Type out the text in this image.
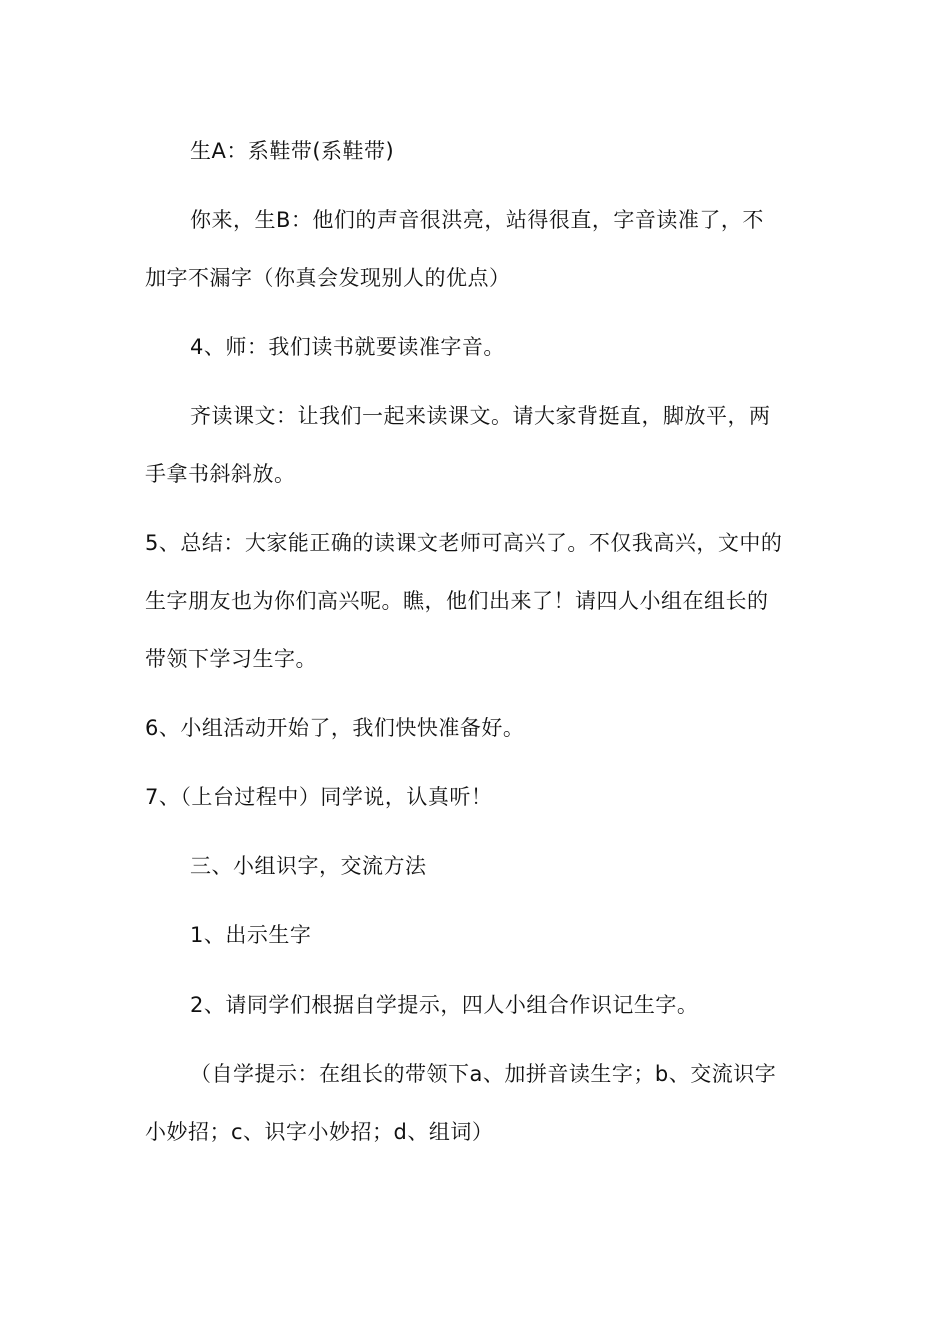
生A：系鞋带(系鞋带)
你来，生B：他们的声音很洪亮，站得很直，字音读准了，不
加字不漏字（你真会发现别人的优点）
4、师：我们读书就要读准字音。
齐读课文：让我们一起来读课文。请大家背挺直，脚放平，两
手拿书斜斜放。
5、总结：大家能正确的读课文老师可高兴了。不仅我高兴，文中的
生字朋友也为你们高兴呢。瞧，他们出来了！请四人小组在组长的
带领下学习生字。
6、小组活动开始了，我们快快准备好。
7、（上台过程中）同学说，认真听！
三、小组识字，交流方法
1、出示生字
2、请同学们根据自学提示，四人小组合作识记生字。
（自学提示：在组长的带领下a、加拼音读生字；b、交流识字
小妙招；c、识字小妙招；d、组词）
